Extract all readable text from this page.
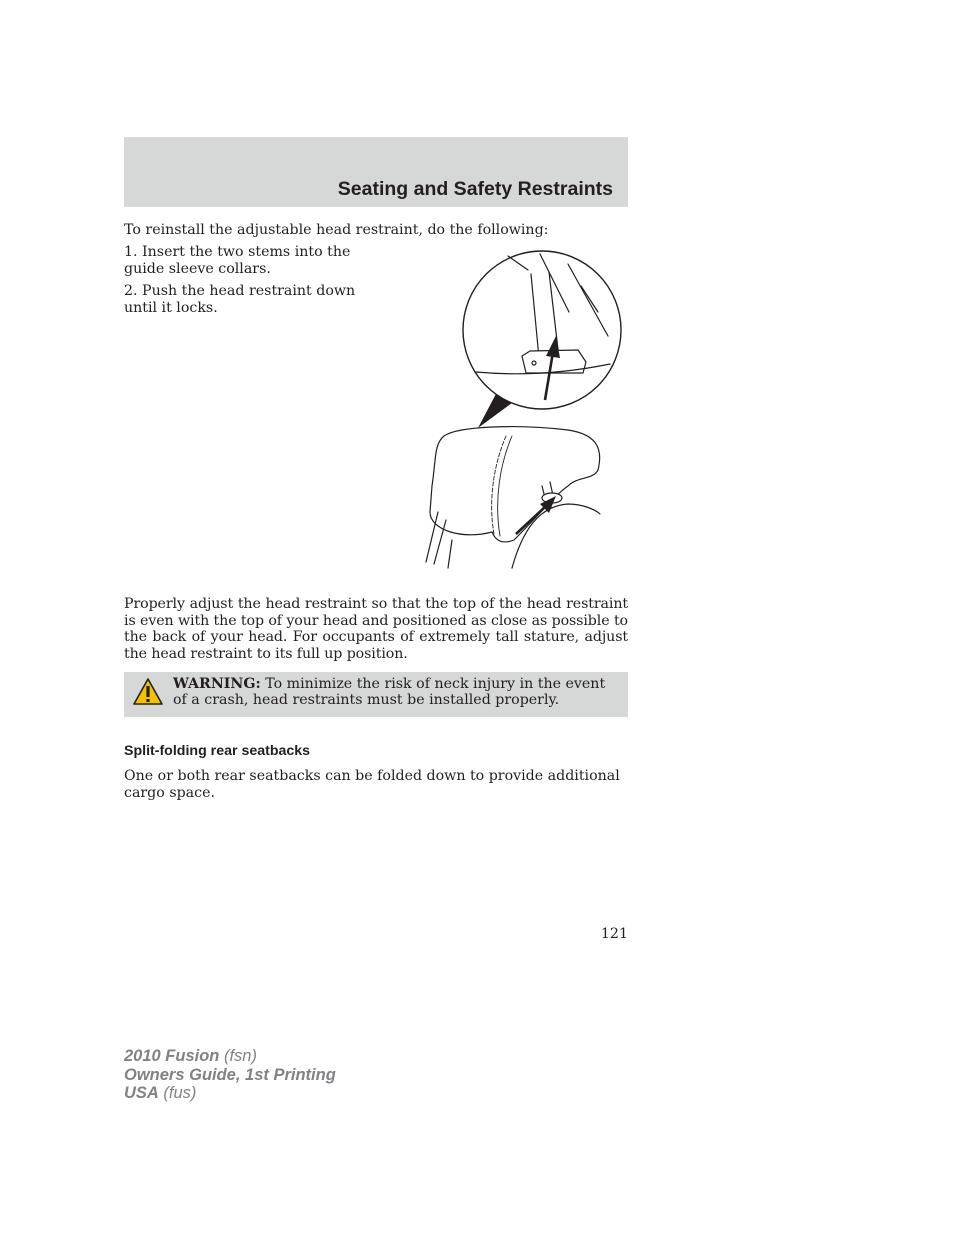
Seating and Safety Restraints

To reinstall the adjustable head restraint, do the following:

1. Insert the two stems into the guide sleeve collars.

2. Push the head restraint down until it locks.

Properly adjust the head restraint so that the top of the head restraint is even with the top of your head and positioned as close as possible to the back of your head. For occupants of extremely tall stature, adjust the head restraint to its full up position.

WARNING: To minimize the risk of neck injury in the event of a crash, head restraints must be installed properly.

Split-folding rear seatbacks

One or both rear seatbacks can be folded down to provide additional cargo space.

121

2010 Fusion (fsn)
Owners Guide, 1st Printing
USA (fus)
